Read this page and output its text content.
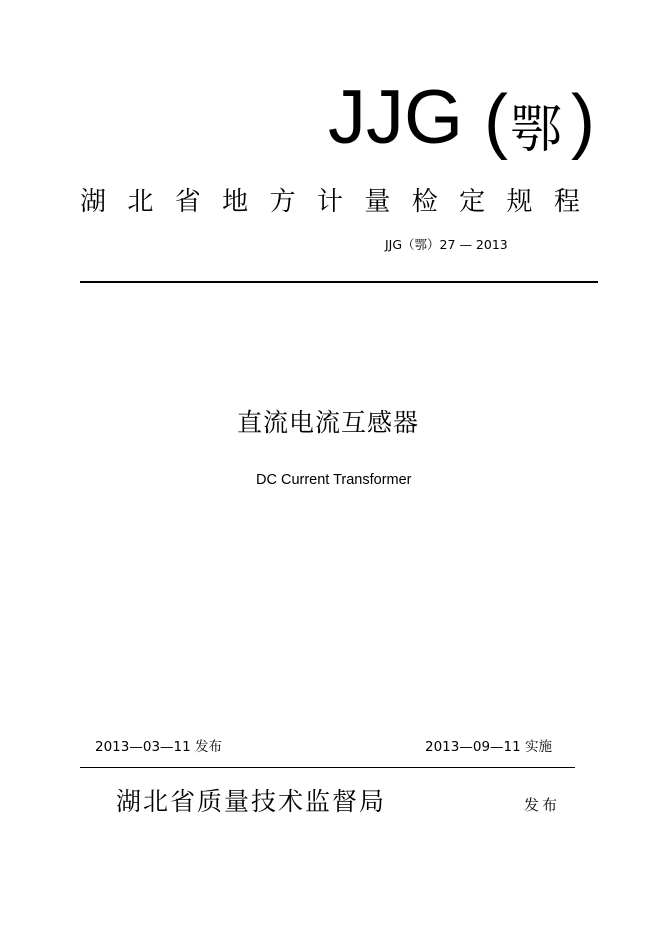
JJG ( 鄂 )
湖 北 省 地 方 计 量 检 定 规 程
JJG（鄂）27 — 2013
直流电流互感器
DC Current Transformer
2013—03—11 发布	2013—09—11 实施
湖北省质量技术监督局	发布
